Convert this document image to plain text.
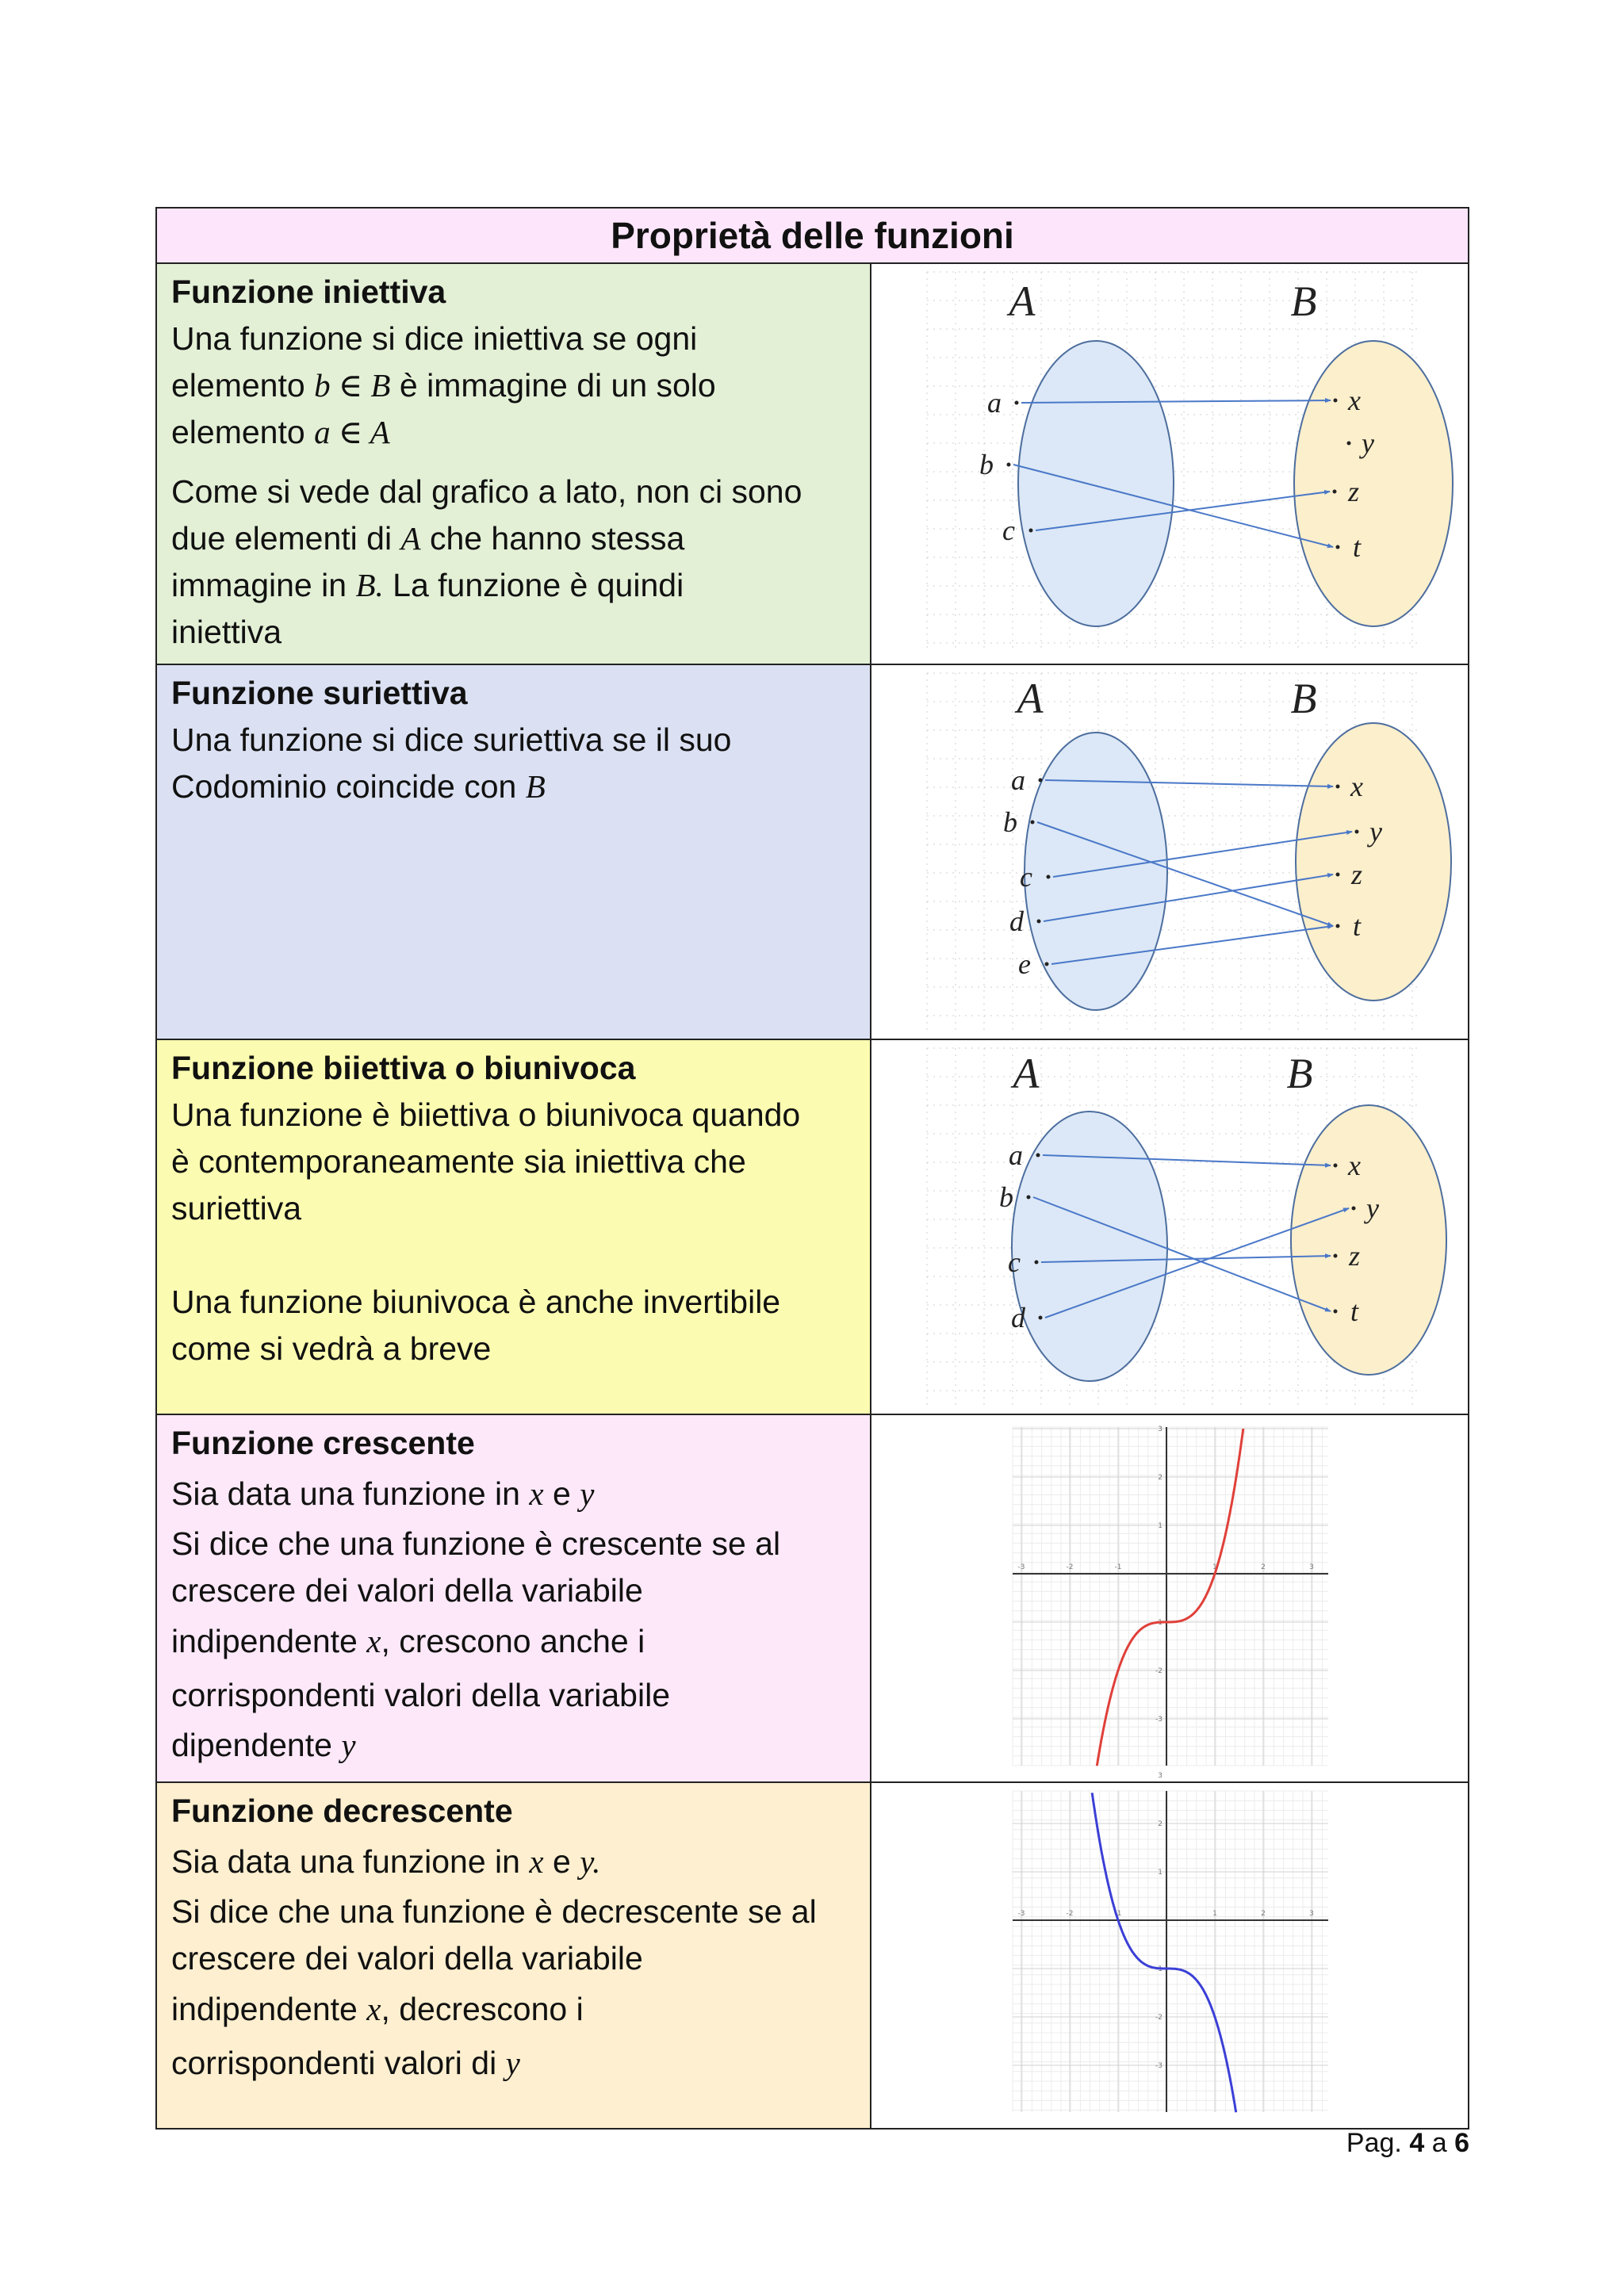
Proprietà delle funzioni
Funzione iniettiva
Una funzione si dice iniettiva se ogni
elemento b ∈ B è immagine di un solo
elemento a ∈ A
Come si vede dal grafico a lato, non ci sono
due elementi di A che hanno stessa
immagine in B. La funzione è quindi
iniettiva
A	B
a
b
c
x
y
z
t
Funzione suriettiva
Una funzione si dice suriettiva se il suo
Codominio coincide con B
A	B
a
b
c
d
e
x
y
z
t
Funzione biiettiva o biunivoca
Una funzione è biiettiva o biunivoca quando
è contemporaneamente sia iniettiva che
suriettiva
Una funzione biunivoca è anche invertibile
come si vedrà a breve
A	B
a
b
c
d
x
y
z
t
Funzione crescente
Sia data una funzione in x e y
Si dice che una funzione è crescente se al
crescere dei valori della variabile
indipendente x, crescono anche i
corrispondenti valori della variabile
dipendente y
-3
-3
-2
-2
-1
-1
1
1
2
2
3
3
Funzione decrescente
Sia data una funzione in x e y.
Si dice che una funzione è decrescente se al
crescere dei valori della variabile
indipendente x, decrescono i
corrispondenti valori di y
-3
-3
-2
-2
-1
-1
1
1
2
2
3
3
Pag. 4 a 6
